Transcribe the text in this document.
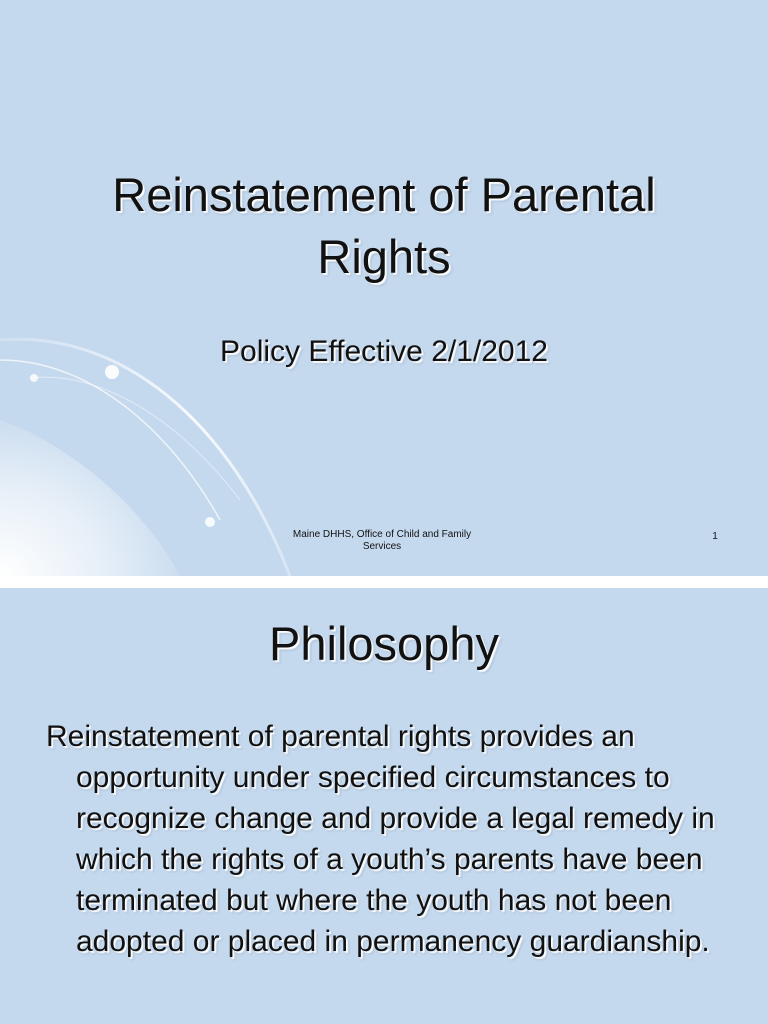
Reinstatement of Parental
Rights

Policy Effective 2/1/2012

Maine DHHS, Office of Child and Family
Services
1
Philosophy

Reinstatement of parental rights provides an opportunity under specified circumstances to recognize change and provide a legal remedy in which the rights of a youth’s parents have been terminated but where the youth has not been adopted or placed in permanency guardianship.
